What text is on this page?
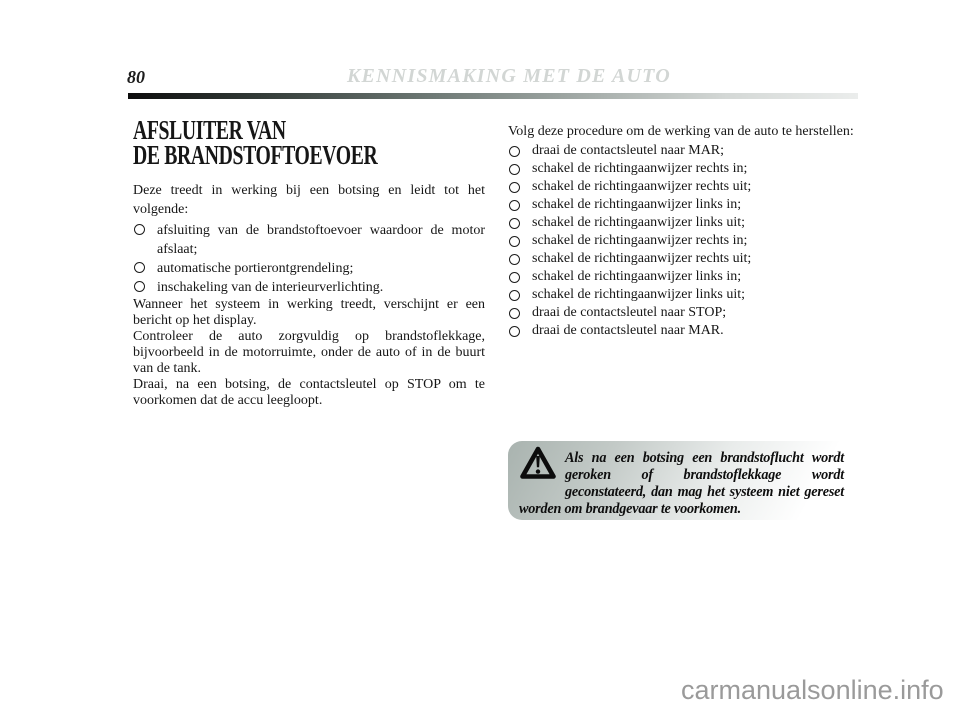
80	KENNISMAKING MET DE AUTO
AFSLUITER VAN
DE BRANDSTOFTOEVOER

Deze treedt in werking bij een botsing en leidt tot het volgende:

afsluiting van de brandstoftoevoer waardoor de motor afslaat;
automatische portierontgrendeling;
inschakeling van de interieurverlichting.

Wanneer het systeem in werking treedt, verschijnt er een bericht op het display.

Controleer de auto zorgvuldig op brandstoflekkage, bijvoorbeeld in de motorruimte, onder de auto of in de buurt van de tank.

Draai, na een botsing, de contactsleutel op STOP om te voorkomen dat de accu leegloopt.

Volg deze procedure om de werking van de auto te herstellen:

draai de contactsleutel naar MAR;
schakel de richtingaanwijzer rechts in;
schakel de richtingaanwijzer rechts uit;
schakel de richtingaanwijzer links in;
schakel de richtingaanwijzer links uit;
schakel de richtingaanwijzer rechts in;
schakel de richtingaanwijzer rechts uit;
schakel de richtingaanwijzer links in;
schakel de richtingaanwijzer links uit;
draai de contactsleutel naar STOP;
draai de contactsleutel naar MAR.

Als na een botsing een brandstoflucht wordt geroken of brandstoflekkage wordt geconstateerd, dan mag het systeem niet gereset worden om brandgevaar te voorkomen.

carmanualsonline.info
